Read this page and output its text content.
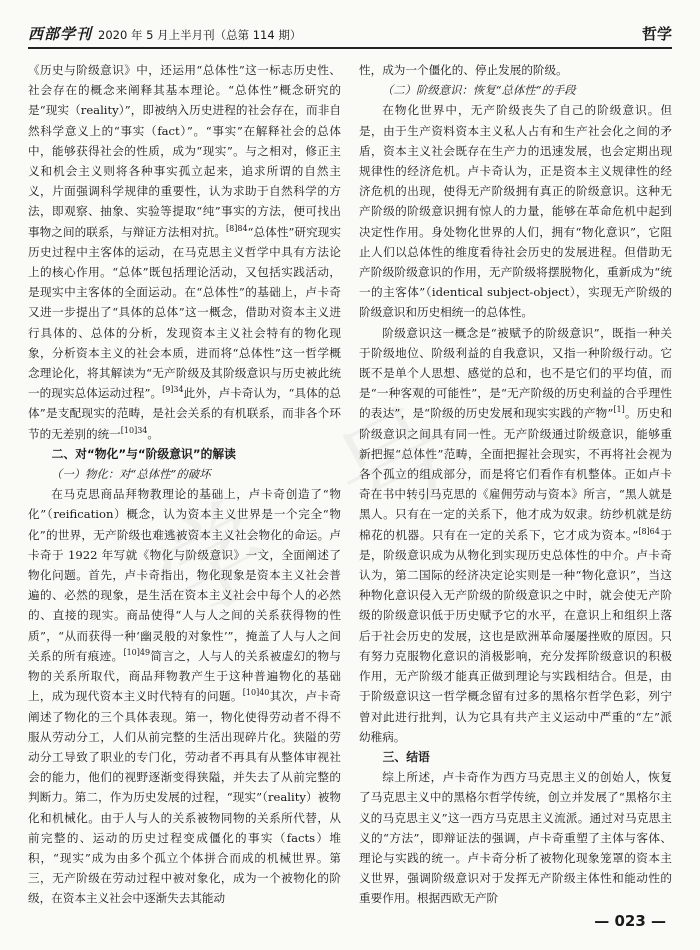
西部学刊 2020 年 5 月上半月刊（总第 114 期）	哲学

《历史与阶级意识》中，还运用“总体性”这一标志历史性、社会存在的概念来阐释其基本理论。“总体性”概念研究的是“现实（reality）”，即被纳入历史进程的社会存在，而非自然科学意义上的“事实（fact）”。“事实”在解释社会的总体中，能够获得社会的性质，成为“现实”。与之相对，修正主义和机会主义则将各种事实孤立起来，追求所谓的自然主义，片面强调科学规律的重要性，认为求助于自然科学的方法，即观察、抽象、实验等提取“纯”事实的方法，便可找出事物之间的联系，与辩证方法相对抗。$^{[8]84}$“总体性”研究现实历史过程中主客体的运动，在马克思主义哲学中具有方法论上的核心作用。“总体”既包括理论活动，又包括实践活动，是现实中主客体的全面运动。在“总体性”的基础上，卢卡奇又进一步提出了“具体的总体”这一概念，借助对资本主义进行具体的、总体的分析，发现资本主义社会特有的物化现象，分析资本主义的社会本质，进而将“总体性”这一哲学概念理论化，将其解读为“无产阶级及其阶级意识与历史被此统一的现实总体运动过程”。$^{[9]34}$此外，卢卡奇认为，“具体的总体”是支配现实的范畴，是社会关系的有机联系，而非各个环节的无差别的统一$^{[10]34}$。

二、对“物化”与“阶级意识”的解读
（一）物化：对“总体性”的破坏

在马克思商品拜物教理论的基础上，卢卡奇创造了“物化”（reification）概念，认为资本主义世界是一个完全“物化”的世界，无产阶级也难逃被资本主义社会物化的命运。卢卡奇于 1922 年写就《物化与阶级意识》一文，全面阐述了物化问题。首先，卢卡奇指出，物化现象是资本主义社会普遍的、必然的现象，是生活在资本主义社会中每个人的必然的、直接的现实。商品使得“人与人之间的关系获得物的性质”，“从而获得一种‘幽灵般的对象性’”，掩盖了人与人之间关系的所有痕迹。$^{[10]49}$简言之，人与人的关系被虚幻的物与物的关系所取代，商品拜物教产生于这种普遍物化的基础上，成为现代资本主义时代特有的问题。$^{[10]40}$其次，卢卡奇阐述了物化的三个具体表现。第一，物化使得劳动者不得不服从劳动分工，人们从前完整的生活出现碎片化。狭隘的劳动分工导致了职业的专门化，劳动者不再具有从整体审视社会的能力，他们的视野逐渐变得狭隘，并失去了从前完整的判断力。第二，作为历史发展的过程，“现实”（reality）被物化和机械化。由于人与人的关系被物同物的关系所代替，从前完整的、运动的历史过程变成僵化的事实（facts）堆积，“现实”成为由多个孤立个体拼合而成的机械世界。第三，无产阶级在劳动过程中被对象化，成为一个被物化的阶级，在资本主义社会中逐渐失去其能动

性，成为一个僵化的、停止发展的阶级。

（二）阶级意识：恢复“总体性”的手段

在物化世界中，无产阶级丧失了自己的阶级意识。但是，由于生产资料资本主义私人占有和生产社会化之间的矛盾，资本主义社会既存在生产力的迅速发展，也会定期出现规律性的经济危机。卢卡奇认为，正是资本主义规律性的经济危机的出现，使得无产阶级拥有真正的阶级意识。这种无产阶级的阶级意识拥有惊人的力量，能够在革命危机中起到决定性作用。身处物化世界的人们，拥有“物化意识”，它阻止人们以总体性的维度看待社会历史的发展进程。但借助无产阶级阶级意识的作用，无产阶级将摆脱物化，重新成为“统一的主客体”（identical subject-object），实现无产阶级的阶级意识和历史相统一的总体性。

阶级意识这一概念是“被赋予的阶级意识”，既指一种关于阶级地位、阶级利益的自我意识，又指一种阶级行动。它既不是单个人思想、感觉的总和，也不是它们的平均值，而是“一种客观的可能性”，是“无产阶级的历史利益的合乎理性的表达”，是“阶级的历史发展和现实实践的产物”[1]。历史和阶级意识之间具有同一性。无产阶级通过阶级意识，能够重新把握“总体性”范畴，全面把握社会现实，不再将社会视为各个孤立的组成部分，而是将它们看作有机整体。正如卢卡奇在书中转引马克思的《雇佣劳动与资本》所言，“黑人就是黑人。只有在一定的关系下，他才成为奴隶。纺纱机就是纺棉花的机器。只有在一定的关系下，它才成为资本。”$^{[8]64}$于是，阶级意识成为从物化到实现历史总体性的中介。卢卡奇认为，第二国际的经济决定论实则是一种“物化意识”，当这种物化意识侵入无产阶级的阶级意识之中时，就会使无产阶级的阶级意识低于历史赋予它的水平，在意识上和组织上落后于社会历史的发展，这也是欧洲革命屡屡挫败的原因。只有努力克服物化意识的消极影响，充分发挥阶级意识的积极作用，无产阶级才能真正做到理论与实践相结合。但是，由于阶级意识这一哲学概念留有过多的黑格尔哲学色彩，列宁曾对此进行批判，认为它具有共产主义运动中严重的“左”派幼稚病。

三、结语

综上所述，卢卡奇作为西方马克思主义的创始人，恢复了马克思主义中的黑格尔哲学传统，创立并发展了“黑格尔主义的马克思主义”这一西方马克思主义流派。通过对马克思主义的“方法”，即辩证法的强调，卢卡奇重塑了主体与客体、理论与实践的统一。卢卡奇分析了被物化现象笼罩的资本主义世界，强调阶级意识对于发挥无产阶级主体性和能动性的重要作用。根据西欧无产阶

— 023 —
